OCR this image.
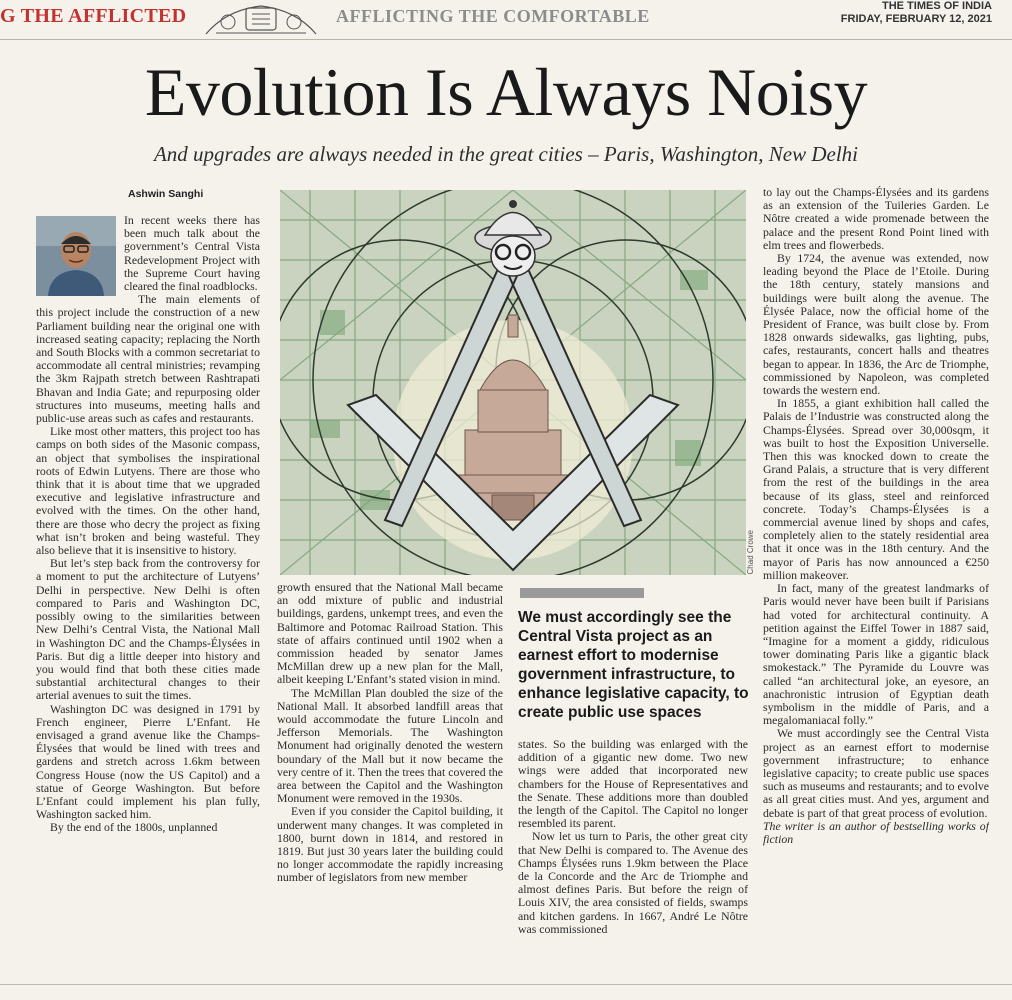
G THE AFFLICTED	AFFLICTING THE COMFORTABLE	THE TIMES OF INDIA
FRIDAY, FEBRUARY 12, 2021
Evolution Is Always Noisy
And upgrades are always needed in the great cities – Paris, Washington, New Delhi
Ashwin Sanghi

In recent weeks there has been much talk about the government’s Central Vista Redevelopment Project with the Supreme Court having cleared the final roadblocks.

The main elements of this project include the construction of a new Parliament building near the original one with increased seating capacity; replacing the North and South Blocks with a common secretariat to accommodate all central ministries; revamping the 3km Rajpath stretch between Rashtrapati Bhavan and India Gate; and repurposing older structures into museums, meeting halls and public-use areas such as cafes and restaurants.

Like most other matters, this project too has camps on both sides of the Masonic compass, an object that symbolises the inspirational roots of Edwin Lutyens. There are those who think that it is about time that we upgraded executive and legislative infrastructure and evolved with the times. On the other hand, there are those who decry the project as fixing what isn’t broken and being wasteful. They also believe that it is insensitive to history.

But let’s step back from the controversy for a moment to put the architecture of Lutyens’ Delhi in perspective. New Delhi is often compared to Paris and Washington DC, possibly owing to the similarities between New Delhi’s Central Vista, the National Mall in Washington DC and the Champs-Élysées in Paris. But dig a little deeper into history and you would find that both these cities made substantial architectural changes to their arterial avenues to suit the times.

Washington DC was designed in 1791 by French engineer, Pierre L’Enfant. He envisaged a grand avenue like the Champs-Élysées that would be lined with trees and gardens and stretch across 1.6km between Congress House (now the US Capitol) and a statue of George Washington. But before L’Enfant could implement his plan fully, Washington sacked him.

By the end of the 1800s, unplanned

Chad Crowe

growth ensured that the National Mall became an odd mixture of public and industrial buildings, gardens, unkempt trees, and even the Baltimore and Potomac Railroad Station. This state of affairs continued until 1902 when a commission headed by senator James McMillan drew up a new plan for the Mall, albeit keeping L’Enfant’s stated vision in mind.

The McMillan Plan doubled the size of the National Mall. It absorbed landfill areas that would accommodate the future Lincoln and Jefferson Memorials. The Washington Monument had originally denoted the western boundary of the Mall but it now became the very centre of it. Then the trees that covered the area between the Capitol and the Washington Monument were removed in the 1930s.

Even if you consider the Capitol building, it underwent many changes. It was completed in 1800, burnt down in 1814, and restored in 1819. But just 30 years later the building could no longer accommodate the rapidly increasing number of legislators from new member

We must accordingly see the Central Vista project as an earnest effort to modernise government infrastructure, to enhance legislative capacity, to create public use spaces

states. So the building was enlarged with the addition of a gigantic new dome. Two new wings were added that incorporated new chambers for the House of Representatives and the Senate. These additions more than doubled the length of the Capitol. The Capitol no longer resembled its parent.

Now let us turn to Paris, the other great city that New Delhi is compared to. The Avenue des Champs Élysées runs 1.9km between the Place de la Concorde and the Arc de Triomphe and almost defines Paris. But before the reign of Louis XIV, the area consisted of fields, swamps and kitchen gardens. In 1667, André Le Nôtre was commissioned

to lay out the Champs-Élysées and its gardens as an extension of the Tuileries Garden. Le Nôtre created a wide promenade between the palace and the present Rond Point lined with elm trees and flowerbeds.

By 1724, the avenue was extended, now leading beyond the Place de l’Etoile. During the 18th century, stately mansions and buildings were built along the avenue. The Élysée Palace, now the official home of the President of France, was built close by. From 1828 onwards sidewalks, gas lighting, pubs, cafes, restaurants, concert halls and theatres began to appear. In 1836, the Arc de Triomphe, commissioned by Napoleon, was completed towards the western end.

In 1855, a giant exhibition hall called the Palais de l’Industrie was constructed along the Champs-Élysées. Spread over 30,000sqm, it was built to host the Exposition Universelle. Then this was knocked down to create the Grand Palais, a structure that is very different from the rest of the buildings in the area because of its glass, steel and reinforced concrete. Today’s Champs-Élysées is a commercial avenue lined by shops and cafes, completely alien to the stately residential area that it once was in the 18th century. And the mayor of Paris has now announced a €250 million makeover.

In fact, many of the greatest landmarks of Paris would never have been built if Parisians had voted for architectural continuity. A petition against the Eiffel Tower in 1887 said, “Imagine for a moment a giddy, ridiculous tower dominating Paris like a gigantic black smokestack.” The Pyramide du Louvre was called “an architectural joke, an eyesore, an anachronistic intrusion of Egyptian death symbolism in the middle of Paris, and a megalomaniacal folly.”

We must accordingly see the Central Vista project as an earnest effort to modernise government infrastructure; to enhance legislative capacity; to create public use spaces such as museums and restaurants; and to evolve as all great cities must. And yes, argument and debate is part of that great process of evolution.

The writer is an author of bestselling works of fiction
